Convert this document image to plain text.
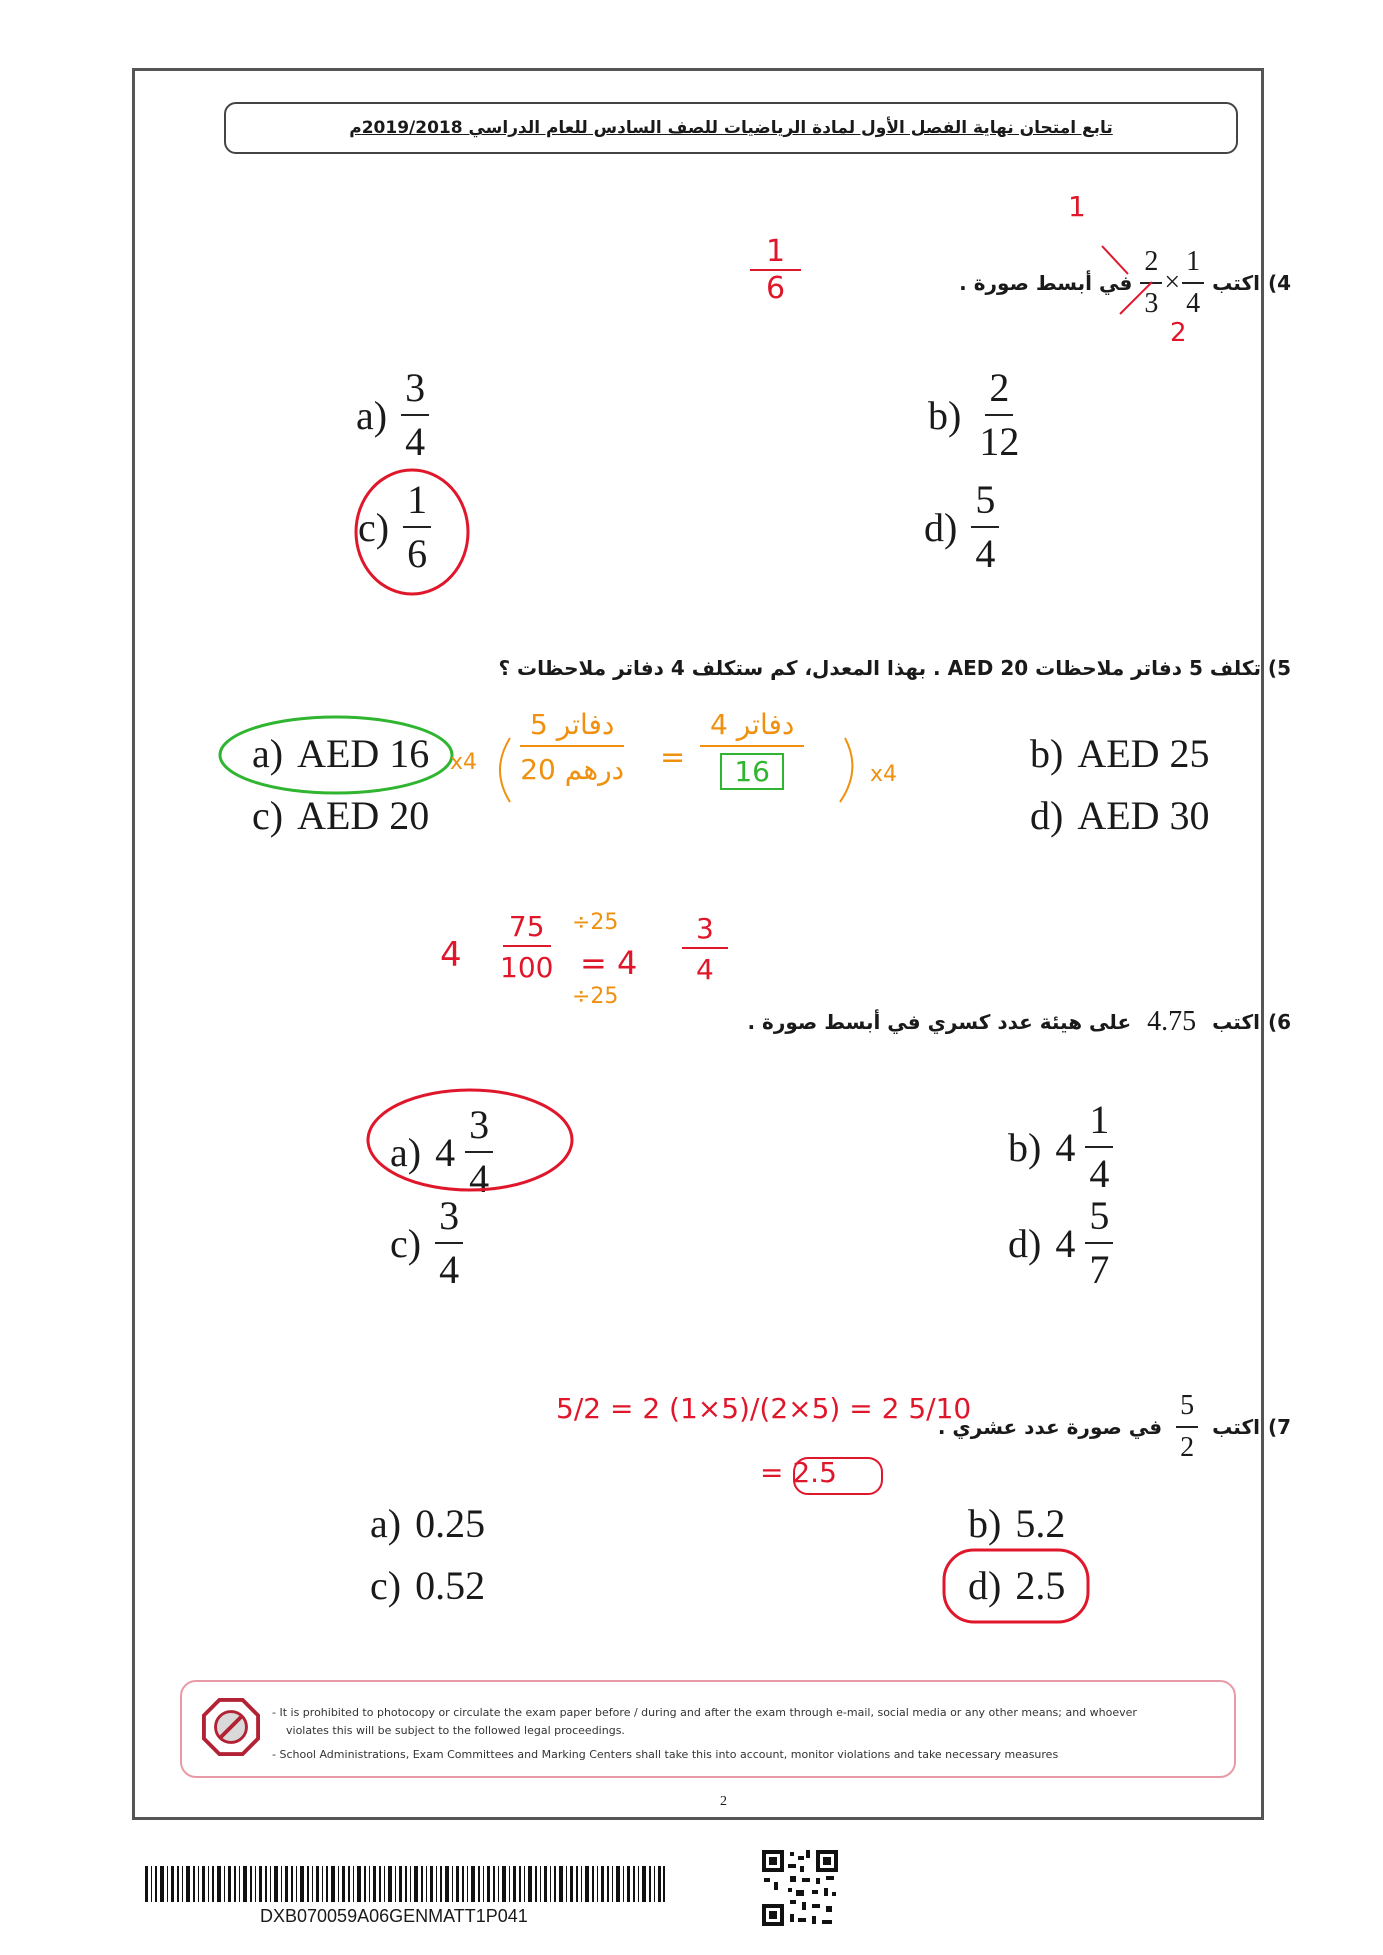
تابع امتحان نهاية الفصل الأول لمادة الرياضيات للصف السادس للعام الدراسي 2019/2018م
4)
اكتب
$\frac{2}{3} \times \frac{1}{4}$
في أبسط صورة .
1
2
1
6
$a) \frac{3}{4}$	$b) \frac{2}{12}$
$c) \frac{1}{6}$	$d) \frac{5}{4}$
5) تكلف 5 دفاتر ملاحظات AED 20 . بهذا المعدل، كم ستكلف 4 دفاتر ملاحظات ؟
a) AED 16	b) AED 25
c) AED 20	d) AED 30
x4
5 دفاتر
20 درهم =
4 دفاتر
16	x4
6)
اكتب
4.75
على هيئة عدد كسري في أبسط صورة .
4
75
100
÷25
÷25
= 4
3
4
a) $4 \frac{3}{4}$	b) $4 \frac{1}{4}$
$c) \frac{3}{4}$	d) $4 \frac{5}{7}$
7)
اكتب
$\frac{5}{2}$
في صورة عدد عشري .
5/2 = 2 (1×5)/(2×5) = 2 5/10
= 2.5
a) 0.25	b) 5.2
c) 0.52	d) 2.5

- It is prohibited to photocopy or circulate the exam paper before / during and after the exam through e-mail, social media or any other means; and whoever

violates this will be subject to the followed legal proceedings.

- School Administrations, Exam Committees and Marking Centers shall take this into account, monitor violations and take necessary measures

2
DXB070059A06GENMATT1P041
